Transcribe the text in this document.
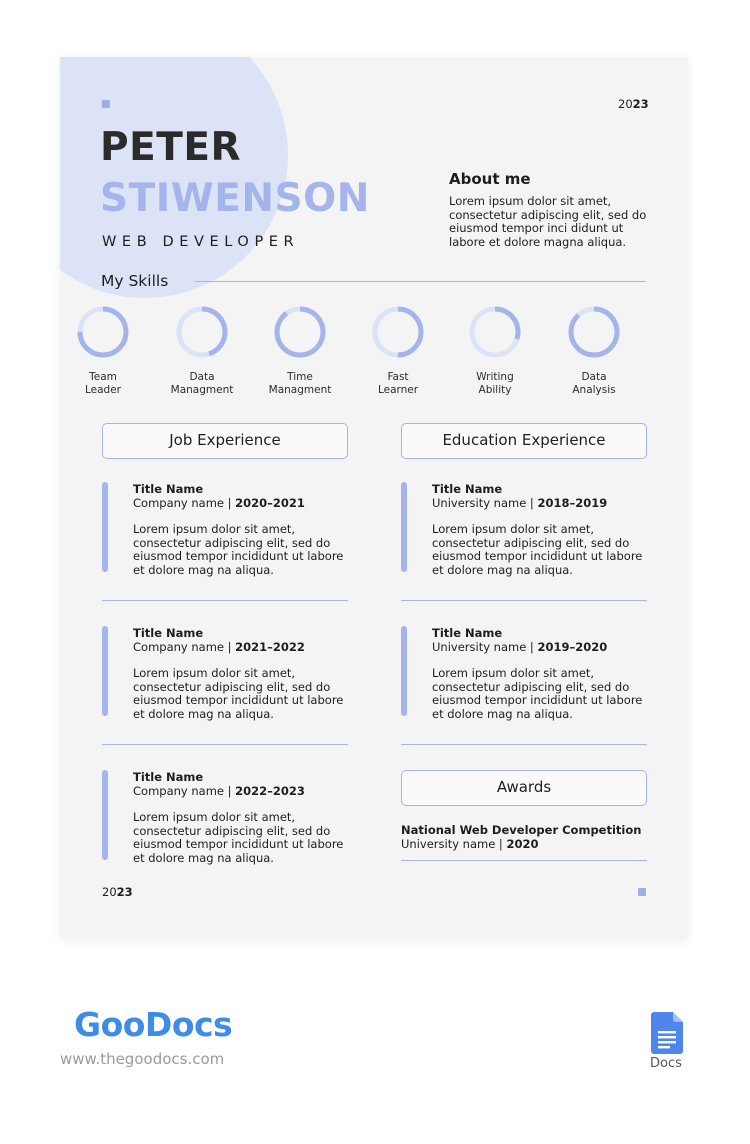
2023
PETER
STIWENSON
WEB DEVELOPER
About me
Lorem ipsum dolor sit amet, consectetur adipiscing elit, sed do eiusmod tempor inci didunt ut labore et dolore magna aliqua.
My Skills
Team
Leader
Data
Managment
Time
Managment
Fast
Learner
Writing
Ability
Data
Analysis
Job Experience	Education Experience
Title Name
Company name | 2020–2021
Lorem ipsum dolor sit amet, consectetur adipiscing elit, sed do eiusmod tempor incididunt ut labore et dolore mag na aliqua.
Title Name
Company name | 2021–2022
Lorem ipsum dolor sit amet, consectetur adipiscing elit, sed do eiusmod tempor incididunt ut labore et dolore mag na aliqua.
Title Name
Company name | 2022–2023
Lorem ipsum dolor sit amet, consectetur adipiscing elit, sed do eiusmod tempor incididunt ut labore et dolore mag na aliqua.
Title Name
University name | 2018–2019
Lorem ipsum dolor sit amet, consectetur adipiscing elit, sed do eiusmod tempor incididunt ut labore et dolore mag na aliqua.
Title Name
University name | 2019–2020
Lorem ipsum dolor sit amet, consectetur adipiscing elit, sed do eiusmod tempor incididunt ut labore et dolore mag na aliqua.
Awards
National Web Developer Competition
University name | 2020
2023
GooDocs
www.thegoodocs.com	Docs
